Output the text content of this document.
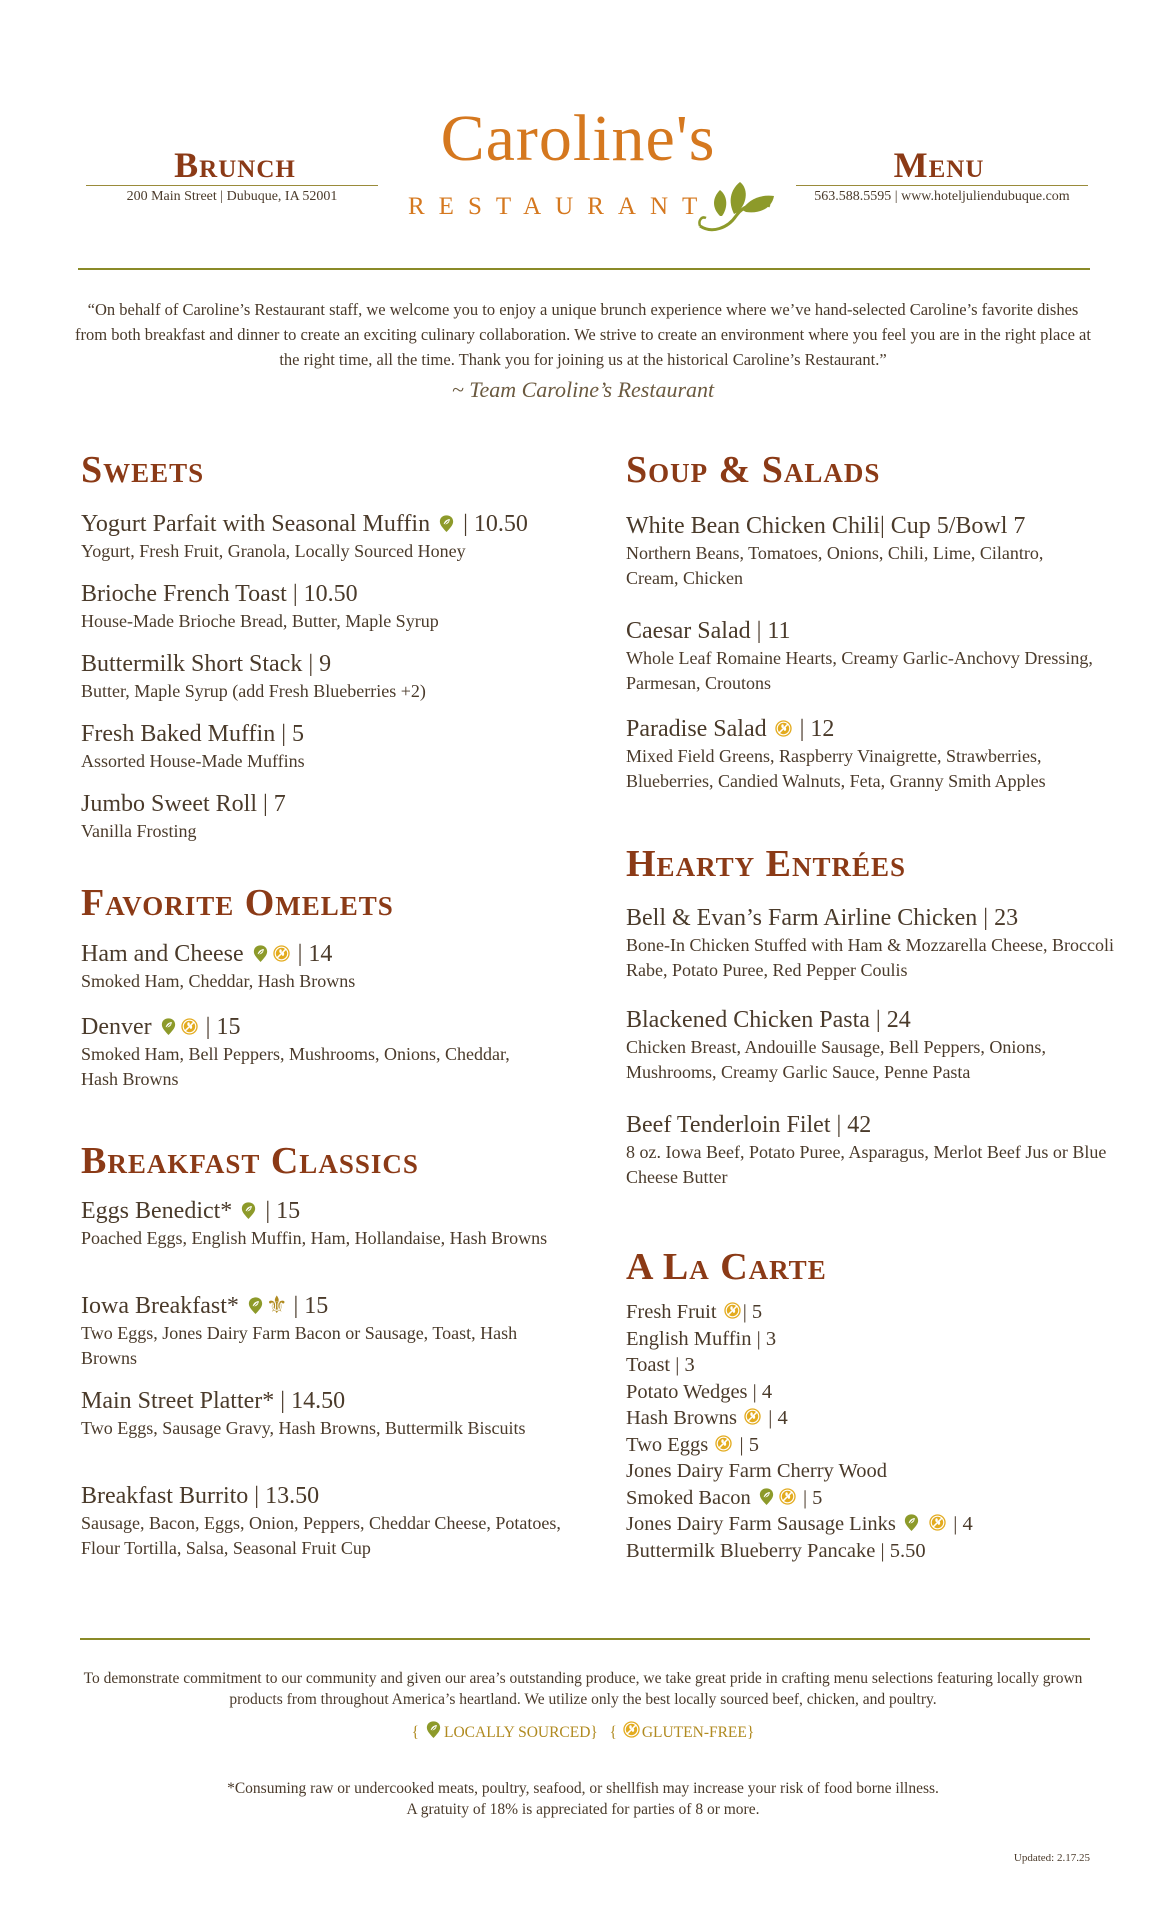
Brunch
200 Main Street | Dubuque, IA 52001
Caroline's
RESTAURANT
Menu
563.588.5595 | www.hoteljuliendubuque.com
“On behalf of Caroline’s Restaurant staff, we welcome you to enjoy a unique brunch experience where we’ve hand-selected Caroline’s favorite dishes from both breakfast and dinner to create an exciting culinary collaboration. We strive to create an environment where you feel you are in the right place at the right time, all the time. Thank you for joining us at the historical Caroline’s Restaurant.”
~ Team Caroline’s Restaurant
Sweets
Yogurt Parfait with Seasonal Muffin | 10.50
Yogurt, Fresh Fruit, Granola, Locally Sourced Honey
Brioche French Toast | 10.50
House-Made Brioche Bread, Butter, Maple Syrup
Buttermilk Short Stack | 9
Butter, Maple Syrup (add Fresh Blueberries +2)
Fresh Baked Muffin | 5
Assorted House-Made Muffins
Jumbo Sweet Roll | 7
Vanilla Frosting
Favorite Omelets
Ham and Cheese | 14
Smoked Ham, Cheddar, Hash Browns
Denver | 15
Smoked Ham, Bell Peppers, Mushrooms, Onions, Cheddar, Hash Browns
Breakfast Classics
Eggs Benedict* | 15
Poached Eggs, English Muffin, Ham, Hollandaise, Hash Browns
Iowa Breakfast* ⚜ | 15
Two Eggs, Jones Dairy Farm Bacon or Sausage, Toast, Hash Browns
Main Street Platter* | 14.50
Two Eggs, Sausage Gravy, Hash Browns, Buttermilk Biscuits
Breakfast Burrito | 13.50
Sausage, Bacon, Eggs, Onion, Peppers, Cheddar Cheese, Potatoes, Flour Tortilla, Salsa, Seasonal Fruit Cup
Soup & Salads
White Bean Chicken Chili| Cup 5/Bowl 7
Northern Beans, Tomatoes, Onions, Chili, Lime, Cilantro, Cream, Chicken
Caesar Salad | 11
Whole Leaf Romaine Hearts, Creamy Garlic-Anchovy Dressing, Parmesan, Croutons
Paradise Salad | 12
Mixed Field Greens, Raspberry Vinaigrette, Strawberries, Blueberries, Candied Walnuts, Feta, Granny Smith Apples
Hearty Entrées
Bell & Evan’s Farm Airline Chicken | 23
Bone-In Chicken Stuffed with Ham & Mozzarella Cheese, Broccoli Rabe, Potato Puree, Red Pepper Coulis
Blackened Chicken Pasta | 24
Chicken Breast, Andouille Sausage, Bell Peppers, Onions, Mushrooms, Creamy Garlic Sauce, Penne Pasta
Beef Tenderloin Filet | 42
8 oz. Iowa Beef, Potato Puree, Asparagus, Merlot Beef Jus or Blue Cheese Butter
A La Carte
Fresh Fruit | 5
English Muffin | 3
Toast | 3
Potato Wedges | 4
Hash Browns | 4
Two Eggs | 5
Jones Dairy Farm Cherry Wood
Smoked Bacon	| 5
Jones Dairy Farm Sausage Links	| 4
Buttermilk Blueberry Pancake | 5.50
To demonstrate commitment to our community and given our area’s outstanding produce, we take great pride in crafting menu selections featuring locally grown products from throughout America’s heartland. We utilize only the best locally sourced beef, chicken, and poultry.
{ LOCALLY SOURCED} { GLUTEN-FREE}
*Consuming raw or undercooked meats, poultry, seafood, or shellfish may increase your risk of food borne illness.
A gratuity of 18% is appreciated for parties of 8 or more.
Updated: 2.17.25
